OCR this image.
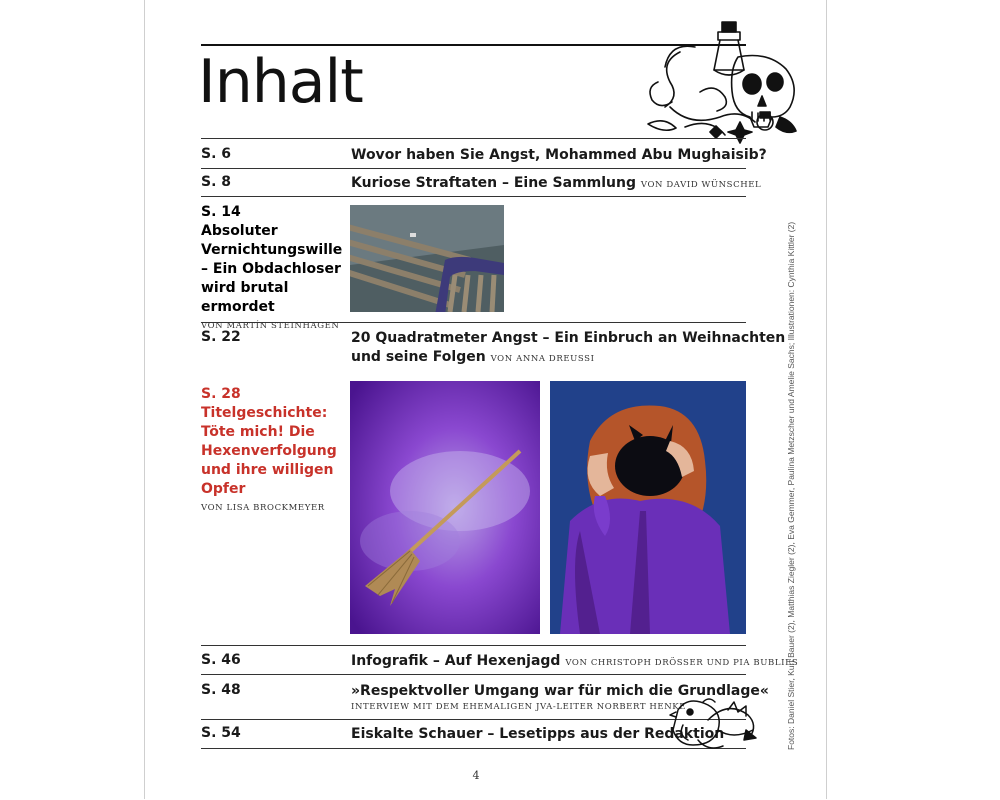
Inhalt
S. 6	Wovor haben Sie Angst, Mohammed Abu Mughaisib?
S. 8	Kuriose Straftaten – Eine Sammlung VON DAVID WÜNSCHEL
S. 14
Absoluter Vernichtungswille – Ein Obdachloser wird brutal ermordet
VON MARTÍN STEINHAGEN
S. 22	20 Quadratmeter Angst – Ein Einbruch an Weihnachten
und seine Folgen VON ANNA DREUSSI
S. 28
Titelgeschichte: Töte mich! Die Hexenverfolgung und ihre willigen Opfer
VON LISA BROCKMEYER
S. 46	Infografik – Auf Hexenjagd VON CHRISTOPH DRÖSSER UND PIA BUBLIES
S. 48	»Respektvoller Umgang war für mich die Grundlage«
INTERVIEW MIT DEM EHEMALIGEN JVA-LEITER NORBERT HENKE
S. 54	Eiskalte Schauer – Lesetipps aus der Redaktion
4
Fotos: Daniel Stier, Kurt Bauer (2), Matthias Ziegler (2), Eva Gemmer, Paulina Metzscher und Amelie Sachs; Illustrationen: Cynthia Kittler (2)
